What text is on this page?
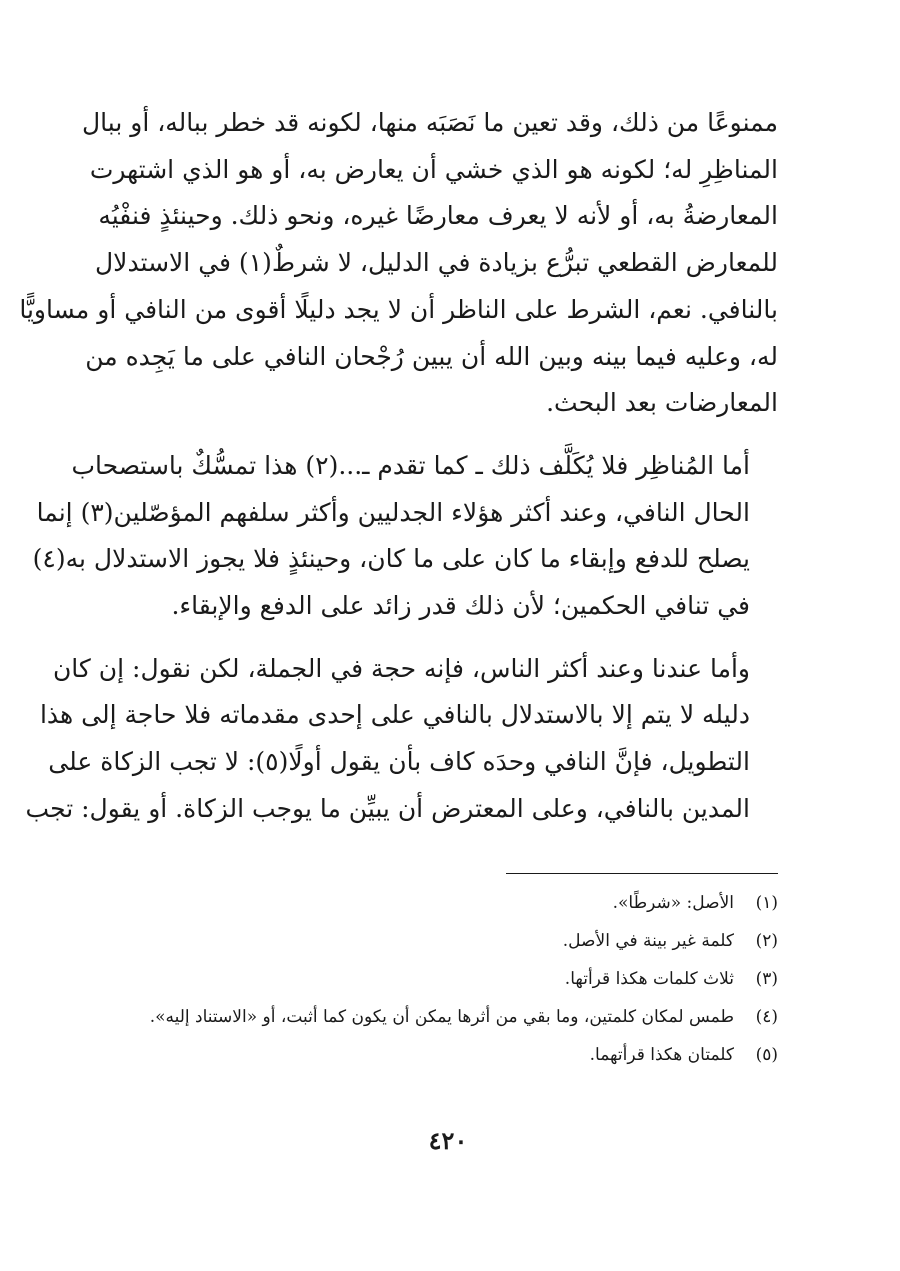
ممنوعًا من ذلك، وقد تعين ما نَصَبَه منها، لكونه قد خطر بباله، أو ببال
المناظِرِ له؛ لكونه هو الذي خشي أن يعارض به، أو هو الذي اشتهرت
المعارضةُ به، أو لأنه لا يعرف معارضًا غيره، ونحو ذلك. وحينئذٍ فنفْيُه
للمعارض القطعي تبرُّع بزيادة في الدليل، لا شرطٌ(١) في الاستدلال
بالنافي. نعم، الشرط على الناظر أن لا يجد دليلًا أقوى من النافي أو مساويًّا
له، وعليه فيما بينه وبين الله أن يبين رُجْحان النافي على ما يَجِده من
المعارضات بعد البحث.

أما المُناظِر فلا يُكَلَّف ذلك ـ كما تقدم ـ...(٢) هذا تمسُّكٌ باستصحاب
الحال النافي، وعند أكثر هؤلاء الجدليين وأكثر سلفهم المؤصّلين(٣) إنما
يصلح للدفع وإبقاء ما كان على ما كان، وحينئذٍ فلا يجوز الاستدلال به(٤)
في تنافي الحكمين؛ لأن ذلك قدر زائد على الدفع والإبقاء.

وأما عندنا وعند أكثر الناس، فإنه حجة في الجملة، لكن نقول: إن كان
دليله لا يتم إلا بالاستدلال بالنافي على إحدى مقدماته فلا حاجة إلى هذا
التطويل، فإنَّ النافي وحدَه كاف بأن يقول أولًا(٥): لا تجب الزكاة على
المدين بالنافي، وعلى المعترض أن يبيِّن ما يوجب الزكاة. أو يقول: تجب

(١)
الأصل: «شرطًا».
(٢)
كلمة غير بينة في الأصل.
(٣)
ثلاث كلمات هكذا قرأتها.
(٤)
طمس لمكان كلمتين، وما بقي من أثرها يمكن أن يكون كما أثبت، أو «الاستناد إليه».
(٥)
كلمتان هكذا قرأتهما.
٤٢٠
